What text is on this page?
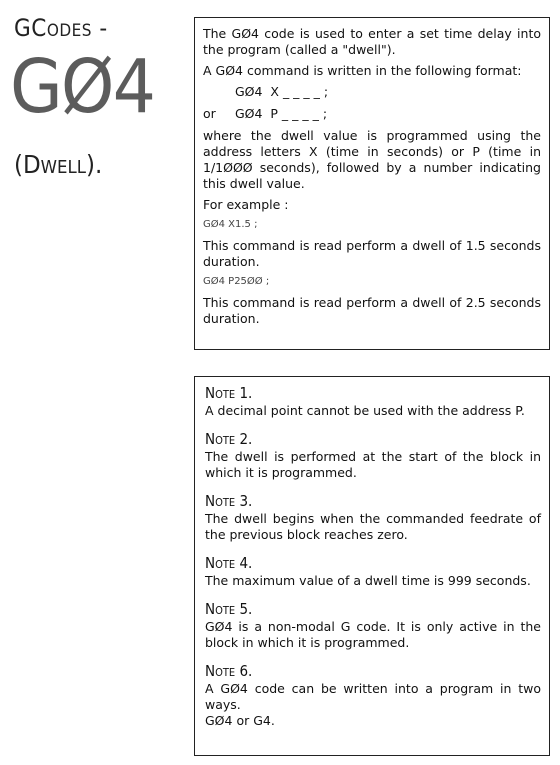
GCodes -
GØ4
(Dwell).

The GØ4 code is used to enter a set time delay into the program (called a "dwell").

A GØ4 command is written in the following format:

GØ4  X _ _ _ _ ;
or GØ4  P _ _ _ _ ;

where the dwell value is programmed using the address letters X (time in seconds) or P (time in 1/1ØØØ seconds), followed by a number indicating this dwell value.

For example :

GØ4 X1.5 ;

This command is read perform a dwell of 1.5 seconds duration.

GØ4 P25ØØ ;

This command is read perform a dwell of 2.5 seconds duration.

Note 1.

A decimal point cannot be used with the address P.

Note 2.

The dwell is performed at the start of the block in which it is programmed.

Note 3.

The dwell begins when the commanded feedrate of the previous block reaches zero.

Note 4.

The maximum value of a dwell time is 999 seconds.

Note 5.

GØ4 is a non-modal G code. It is only active in the block in which it is programmed.

Note 6.

A GØ4 code can be written into a program in two ways.
GØ4 or G4.
